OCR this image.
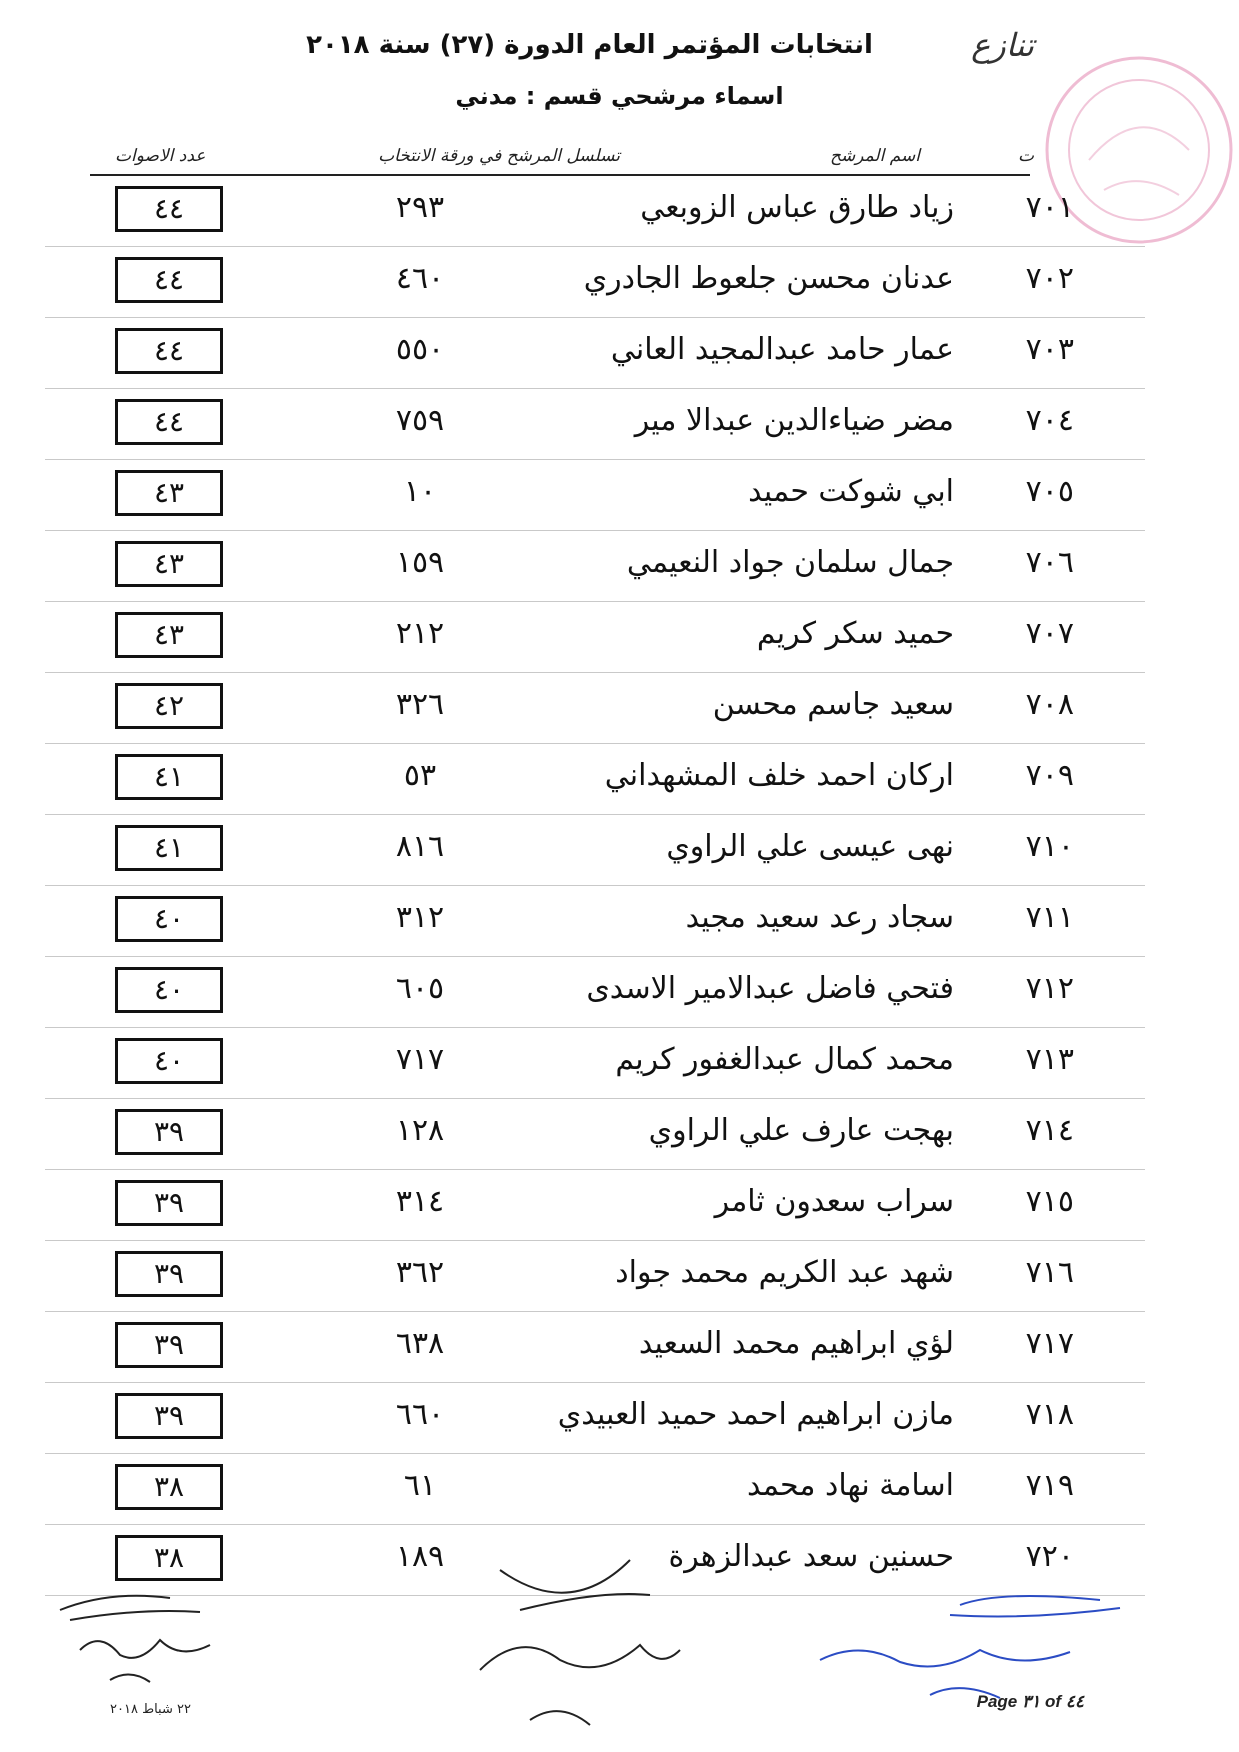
انتخابات المؤتمر العام الدورة (٢٧) سنة ٢٠١٨	تنازع
اسماء مرشحي قسم : مدني
ت
اسم المرشح
تسلسل المرشح في ورقة الانتخاب
عدد الاصوات
٧٠١
زياد طارق عباس الزوبعي
٢٩٣
٤٤
٧٠٢
عدنان محسن جلعوط الجادري
٤٦٠
٤٤
٧٠٣
عمار حامد عبدالمجيد العاني
٥٥٠
٤٤
٧٠٤
مضر ضياءالدين عبدالا مير
٧٥٩
٤٤
٧٠٥
ابي شوكت حميد
١٠
٤٣
٧٠٦
جمال سلمان جواد النعيمي
١٥٩
٤٣
٧٠٧
حميد سكر كريم
٢١٢
٤٣
٧٠٨
سعيد جاسم محسن
٣٢٦
٤٢
٧٠٩
اركان احمد خلف المشهداني
٥٣
٤١
٧١٠
نهى عيسى علي الراوي
٨١٦
٤١
٧١١
سجاد رعد سعيد مجيد
٣١٢
٤٠
٧١٢
فتحي فاضل عبدالامير الاسدى
٦٠٥
٤٠
٧١٣
محمد كمال عبدالغفور كريم
٧١٧
٤٠
٧١٤
بهجت عارف علي الراوي
١٢٨
٣٩
٧١٥
سراب سعدون ثامر
٣١٤
٣٩
٧١٦
شهد عبد الكريم محمد جواد
٣٦٢
٣٩
٧١٧
لؤي ابراهيم محمد السعيد
٦٣٨
٣٩
٧١٨
مازن ابراهيم احمد حميد العبيدي
٦٦٠
٣٩
٧١٩
اسامة نهاد محمد
٦١
٣٨
٧٢٠
حسنين سعد عبدالزهرة
١٨٩
٣٨
٢٢ شباط ٢٠١٨	Page ٣١ of ٤٤
